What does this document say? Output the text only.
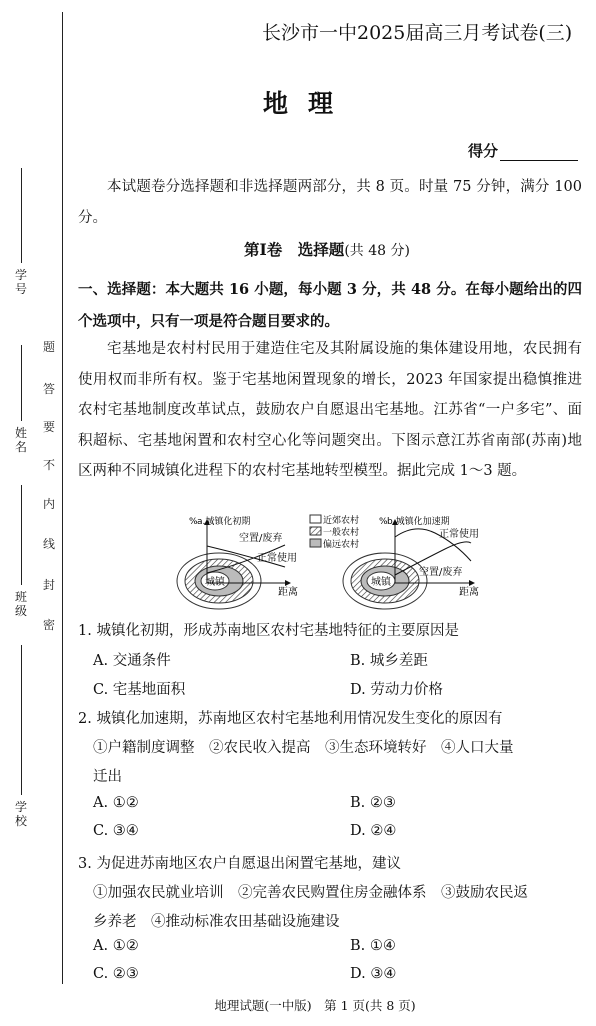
学号
姓名
班级
学校
题
答
要
不
内
线
封
密
长沙市一中2025届高三月考试卷(三)
地理
得分
本试题卷分选择题和非选择题两部分，共 8 页。时量 75 分钟，满分 100 分。
第Ⅰ卷　选择题(共 48 分)
一、选择题：本大题共 16 小题，每小题 3 分，共 48 分。在每小题给出的四个选项中，只有一项是符合题目要求的。
宅基地是农村村民用于建造住宅及其附属设施的集体建设用地，农民拥有使用权而非所有权。鉴于宅基地闲置现象的增长，2023 年国家提出稳慎推进农村宅基地制度改革试点，鼓励农户自愿退出宅基地。江苏省“一户多宅”、面积超标、宅基地闲置和农村空心化等问题突出。下图示意江苏省南部(苏南)地区两种不同城镇化进程下的农村宅基地转型模型。据此完成 1～3 题。
% a.城镇化初期
空置/废弃
正常使用
城镇
距离
近郊农村
一般农村
偏远农村
% b.城镇化加速期
正常使用
空置/废弃
城镇
距离
1. 城镇化初期，形成苏南地区农村宅基地特征的主要原因是
A. 交通条件	B. 城乡差距
C. 宅基地面积	D. 劳动力价格
2. 城镇化加速期，苏南地区农村宅基地利用情况发生变化的原因有
①户籍制度调整　②农民收入提高　③生态环境转好　④人口大量
迁出
A. ①②	B. ②③
C. ③④	D. ②④
3. 为促进苏南地区农户自愿退出闲置宅基地，建议
①加强农民就业培训　②完善农民购置住房金融体系　③鼓励农民返
乡养老　④推动标准农田基础设施建设
A. ①②	B. ①④
C. ②③	D. ③④
地理试题(一中版)　第 1 页(共 8 页)
